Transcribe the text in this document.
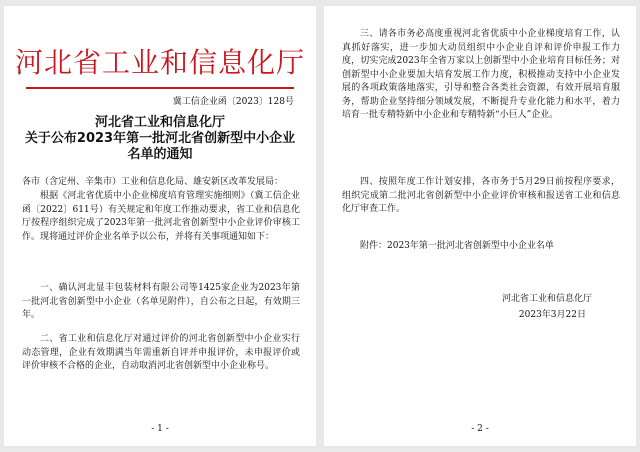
河北省工业和信息化厅
冀工信企业函〔2023〕128号
河北省工业和信息化厅
关于公布2023年第一批河北省创新型中小企业
名单的通知

各市（含定州、辛集市）工业和信息化局、雄安新区改革发展局：

根据《河北省优质中小企业梯度培育管理实施细则》（冀工信企业函〔2022〕611号）有关规定和年度工作推动要求，省工业和信息化厅按程序组织完成了2023年第一批河北省创新型中小企业评价审核工作。现将通过评价企业名单予以公布，并将有关事项通知如下：

一、确认河北显丰包装材料有限公司等1425家企业为2023年第一批河北省创新型中小企业（名单见附件），自公布之日起，有效期三年。

二、省工业和信息化厅对通过评价的河北省创新型中小企业实行动态管理，企业有效期满当年需重新自评并申报评价，未申报评价或评价审核不合格的企业，自动取消河北省创新型中小企业称号。

- 1 -

三、请各市务必高度重视河北省优质中小企业梯度培育工作，认真抓好落实，进一步加大动员组织中小企业自评和评价申报工作力度，切实完成2023年全省万家以上创新型中小企业培育目标任务；对创新型中小企业要加大培育发展工作力度，积极推动支持中小企业发展的各项政策落地落实，引导和整合各类社会资源，有效开展培育服务，帮助企业坚持细分领域发展，不断提升专业化能力和水平，着力培育一批专精特新中小企业和专精特新“小巨人”企业。

四、按照年度工作计划安排，各市务于5月29日前按程序要求，组织完成第二批河北省创新型中小企业评价审核和报送省工业和信息化厅审查工作。

附件：2023年第一批河北省创新型中小企业名单

河北省工业和信息化厅
2023年3月22日
- 2 -
